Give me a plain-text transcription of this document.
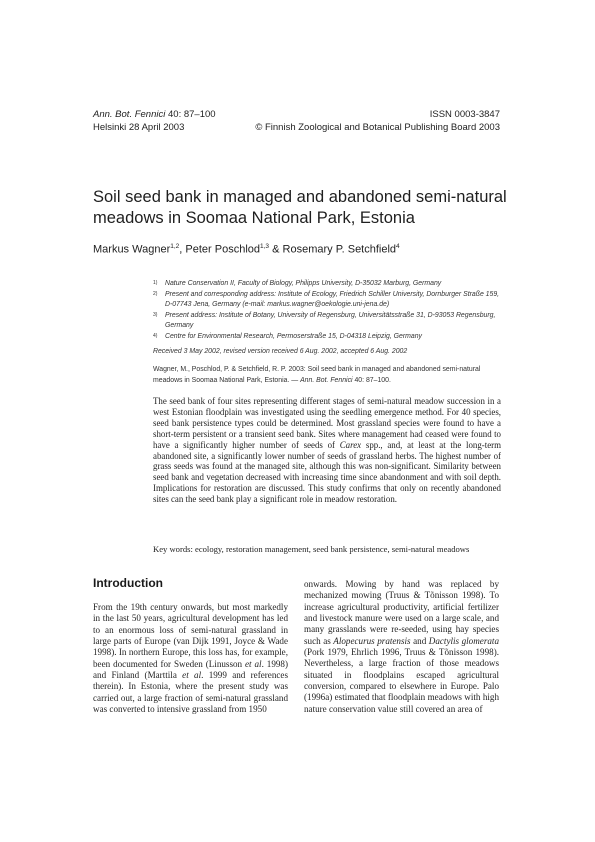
Ann. Bot. Fennici 40: 87–100	ISSN 0003-3847
Helsinki 28 April 2003	© Finnish Zoological and Botanical Publishing Board 2003
Soil seed bank in managed and abandoned semi-natural
meadows in Soomaa National Park, Estonia
Markus Wagner$^{1,2}$, Peter Poschlod$^{1,3}$ & Rosemary P. Setchfield$^4$
1) Nature Conservation II, Faculty of Biology, Philipps University, D-35032 Marburg, Germany
2) Present and corresponding address: Institute of Ecology, Friedrich Schiller University, Dornburger Straße 159, D-07743 Jena, Germany (e-mail: markus.wagner@oekologie.uni-jena.de)
3) Present address: Institute of Botany, University of Regensburg, Universitätsstraße 31, D-93053 Regensburg, Germany
4) Centre for Environmental Research, Permoserstraße 15, D-04318 Leipzig, Germany
Received 3 May 2002, revised version received 6 Aug. 2002, accepted 6 Aug. 2002
Wagner, M., Poschlod, P. & Setchfield, R. P. 2003: Soil seed bank in managed and abandoned semi-natural meadows in Soomaa National Park, Estonia. — Ann. Bot. Fennici 40: 87–100.
The seed bank of four sites representing different stages of semi-natural meadow succession in a west Estonian floodplain was investigated using the seedling emergence method. For 40 species, seed bank persistence types could be determined. Most grassland species were found to have a short-term persistent or a transient seed bank. Sites where management had ceased were found to have a significantly higher number of seeds of Carex spp., and, at least at the long-term abandoned site, a significantly lower number of seeds of grassland herbs. The highest number of grass seeds was found at the managed site, although this was non-significant. Similarity between seed bank and vegetation decreased with increasing time since abandonment and with soil depth. Implications for restoration are discussed. This study confirms that only on recently abandoned sites can the seed bank play a significant role in meadow restoration.
Key words: ecology, restoration management, seed bank persistence, semi-natural meadows
Introduction
From the 19th century onwards, but most markedly in the last 50 years, agricultural development has led to an enormous loss of semi-natural grassland in large parts of Europe (van Dijk 1991, Joyce & Wade 1998). In northern Europe, this loss has, for example, been documented for Sweden (Linusson et al. 1998) and Finland (Marttila et al. 1999 and references therein). In Estonia, where the present study was carried out, a large fraction of semi-natural grassland was converted to intensive grassland from 1950
onwards. Mowing by hand was replaced by mechanized mowing (Truus & Tõnisson 1998). To increase agricultural productivity, artificial fertilizer and livestock manure were used on a large scale, and many grasslands were re-seeded, using hay species such as Alopecurus pratensis and Dactylis glomerata (Pork 1979, Ehrlich 1996, Truus & Tõnisson 1998). Nevertheless, a large fraction of those meadows situated in floodplains escaped agricultural conversion, compared to elsewhere in Europe. Palo (1996a) estimated that floodplain meadows with high nature conservation value still covered an area of
